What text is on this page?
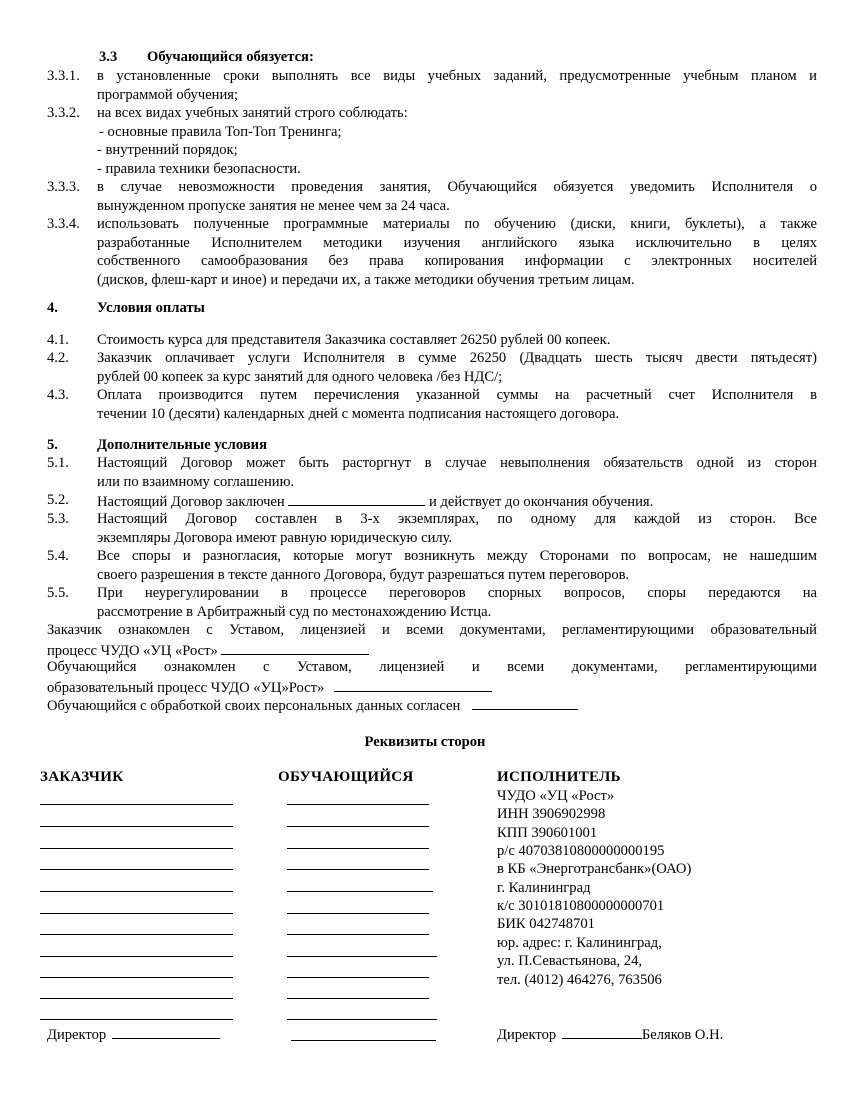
3.3 Обучающийся обязуется:
3.3.1. в установленные сроки выполнять все виды учебных заданий, предусмотренные учебным планом и
программой обучения;
3.3.2. на всех видах учебных занятий строго соблюдать:
- основные правила Топ-Топ Тренинга;
- внутренний порядок;
- правила техники безопасности.
3.3.3. в случае невозможности проведения занятия, Обучающийся обязуется уведомить Исполнителя о
вынужденном пропуске занятия не менее чем за 24 часа.
3.3.4. использовать полученные программные материалы по обучению (диски, книги, буклеты), а также
разработанные Исполнителем методики изучения английского языка исключительно в целях
собственного самообразования без права копирования информации с электронных носителей
(дисков, флеш-карт и иное) и передачи их, а также методики обучения третьим лицам.
4.	Условия оплаты
4.1. Стоимость курса для представителя Заказчика составляет 26250 рублей 00 копеек.
4.2. Заказчик оплачивает услуги Исполнителя в сумме 26250 (Двадцать шесть тысяч двести пятьдесят)
рублей 00 копеек за курс занятий для одного человека /без НДС/;
4.3. Оплата производится путем перечисления указанной суммы на расчетный счет Исполнителя в
течении 10 (десяти) календарных дней с момента подписания настоящего договора.
5.	Дополнительные условия
5.1. Настоящий Договор может быть расторгнут в случае невыполнения обязательств одной из сторон
или по взаимному соглашению.
5.2. Настоящий Договор заключен	и действует до окончания обучения.
5.3. Настоящий Договор составлен в 3-х экземплярах, по одному для каждой из сторон. Все
экземпляры Договора имеют равную юридическую силу.
5.4. Все споры и разногласия, которые могут возникнуть между Сторонами по вопросам, не нашедшим
своего разрешения в тексте данного Договора, будут разрешаться путем переговоров.
5.5. При неурегулировании в процессе переговоров спорных вопросов, споры передаются на
рассмотрение в Арбитражный суд по местонахождению Истца.
Заказчик ознакомлен с Уставом, лицензией и всеми документами, регламентирующими образовательный
процесс ЧУДО «УЦ «Рост»
Обучающийся ознакомлен с Уставом, лицензией и всеми документами, регламентирующими
образовательный процесс ЧУДО «УЦ»Рост»
Обучающийся с обработкой своих персональных данных согласен
Реквизиты сторон
ЗАКАЗЧИК	ОБУЧАЮЩИЙСЯ	ИСПОЛНИТЕЛЬ
ЧУДО «УЦ «Рост»
ИНН 3906902998
КПП 390601001
р/с 40703810800000000195
в КБ «Энерготрансбанк»(ОАО)
г. Калининград
к/с 30101810800000000701
БИК 042748701
юр. адрес: г. Калининград,
ул. П.Севастьянова, 24,
тел. (4012) 464276, 763506
Директор	Директор	Беляков О.Н.
